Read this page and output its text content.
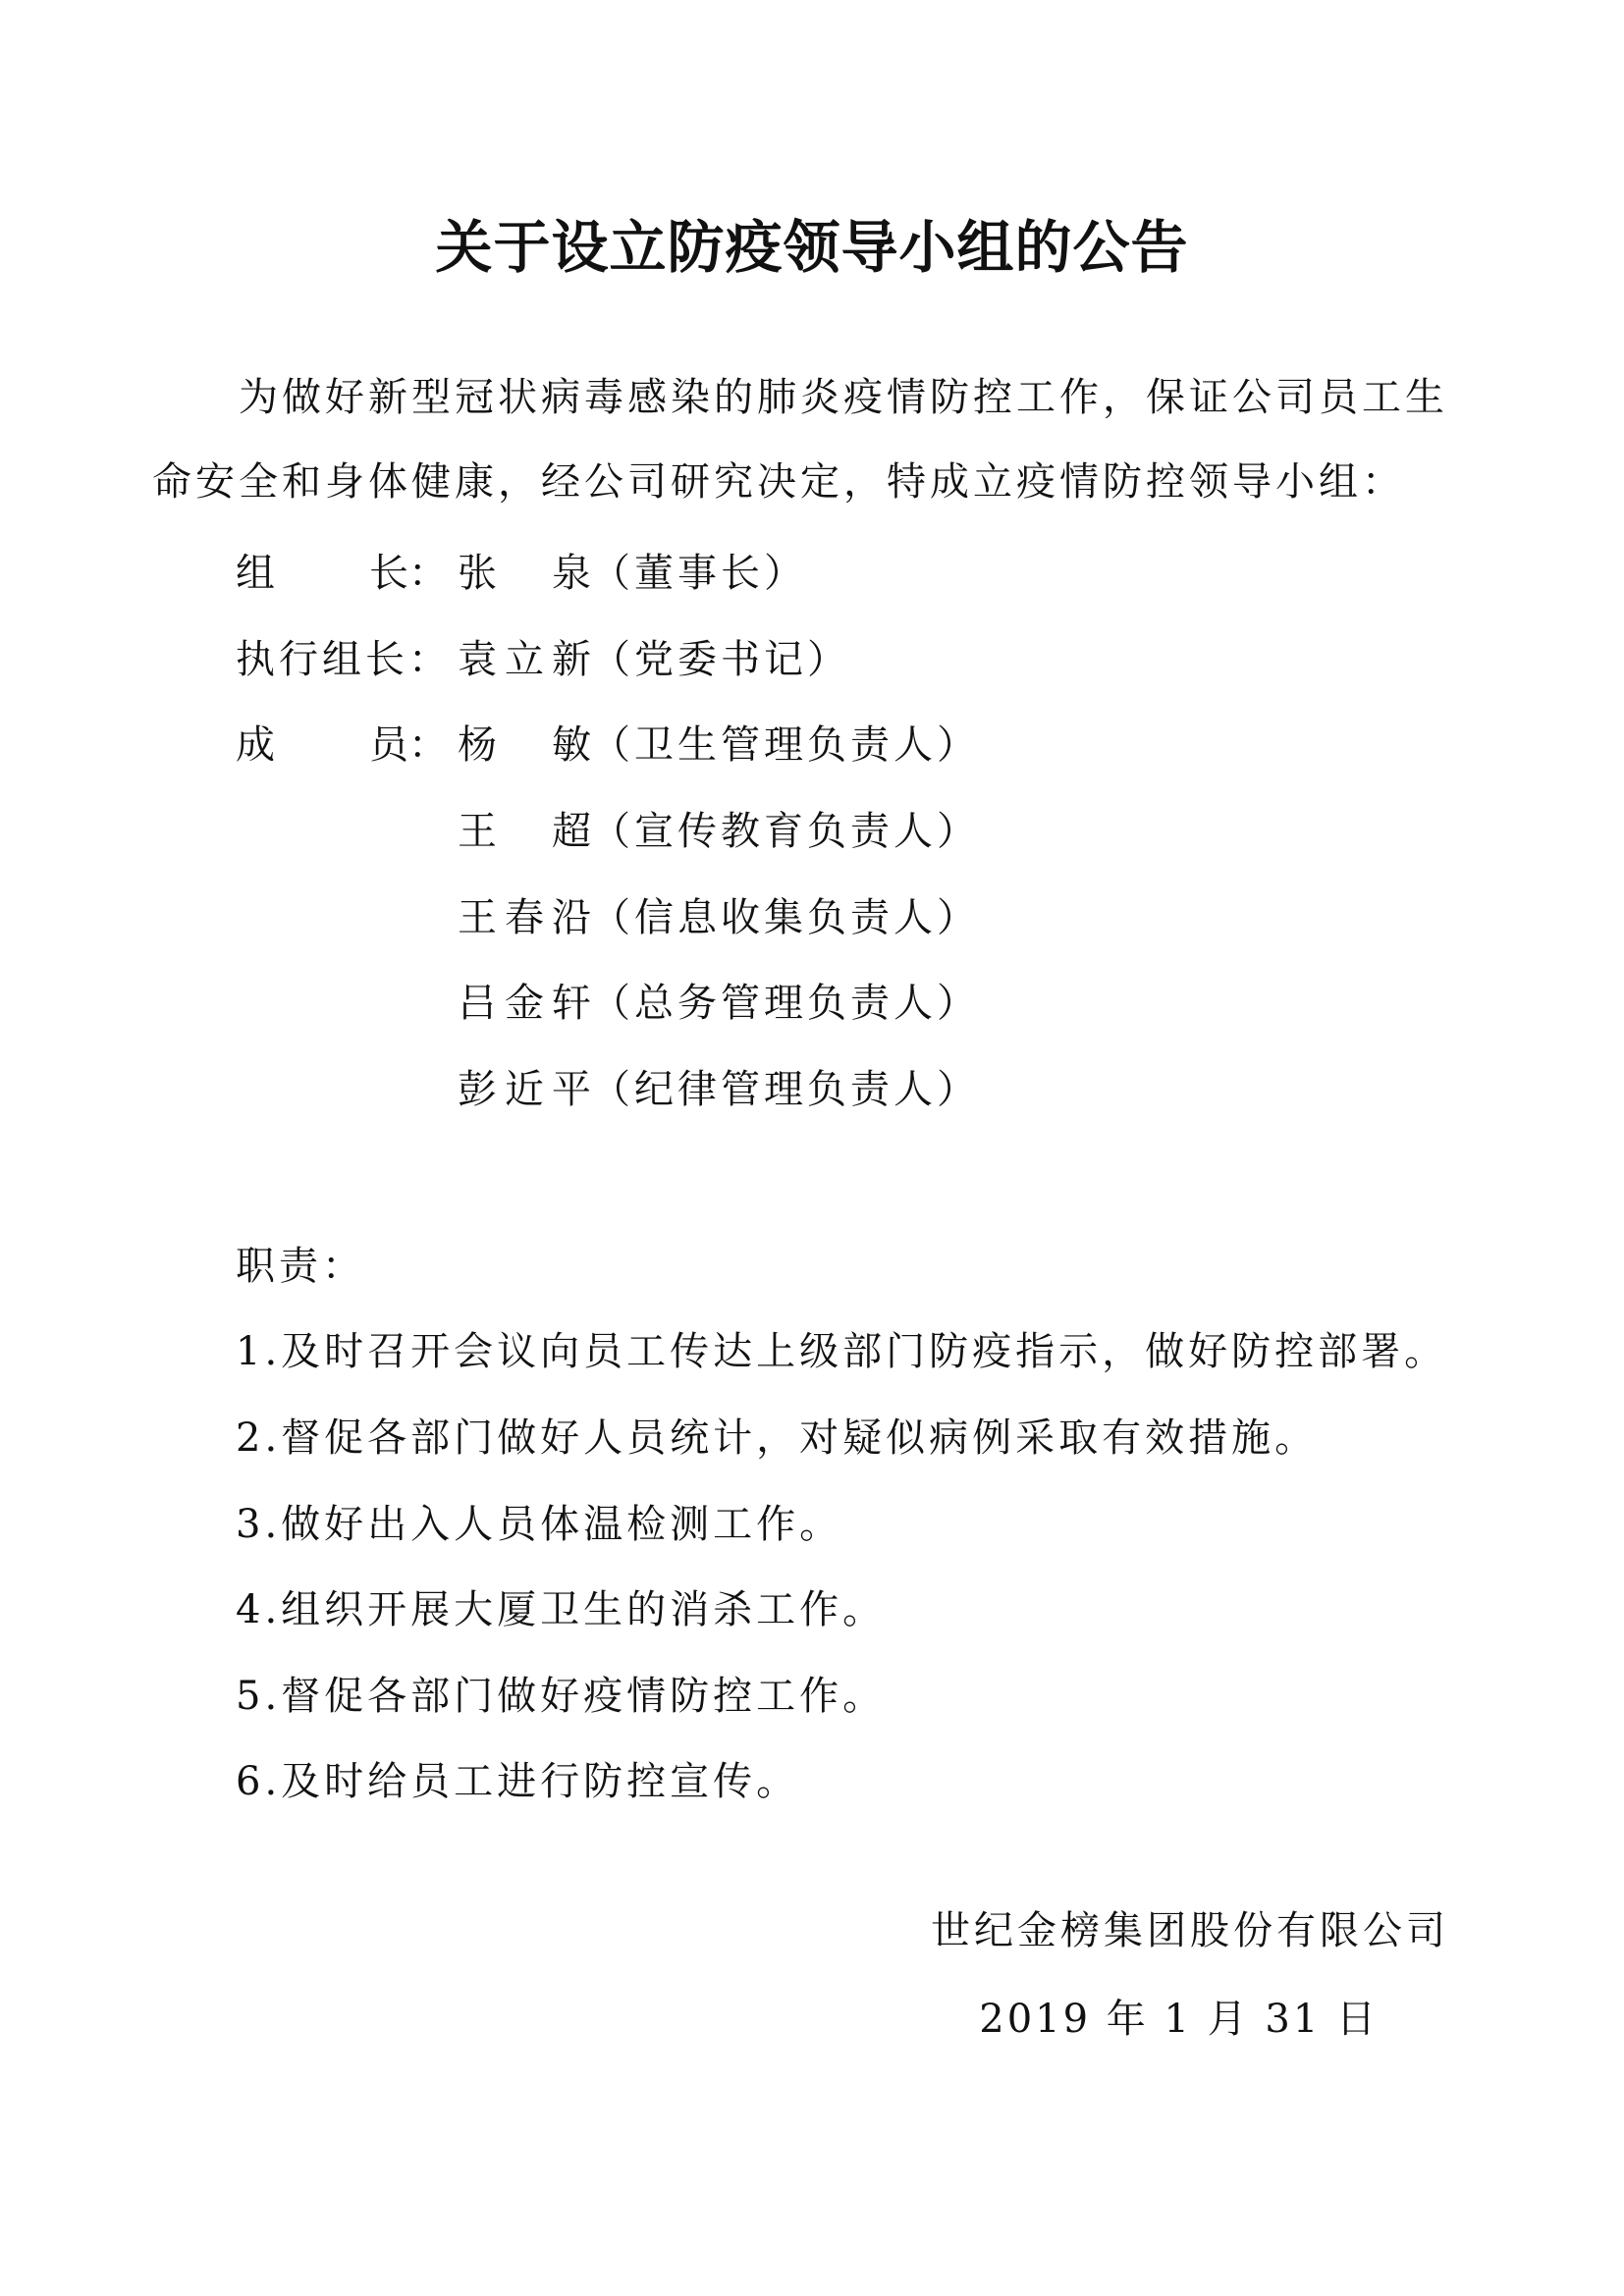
关于设立防疫领导小组的公告
为做好新型冠状病毒感染的肺炎疫情防控工作，保证公司员工生命安全和身体健康，经公司研究决定，特成立疫情防控领导小组：
组 长： 张　泉（董事长）
执行组长： 袁立新（党委书记）
成 员： 杨　敏（卫生管理负责人）
王　超（宣传教育负责人）
王春沿（信息收集负责人）
吕金轩（总务管理负责人）
彭近平（纪律管理负责人）
职责：
1.及时召开会议向员工传达上级部门防疫指示，做好防控部署。
2.督促各部门做好人员统计，对疑似病例采取有效措施。
3.做好出入人员体温检测工作。
4.组织开展大厦卫生的消杀工作。
5.督促各部门做好疫情防控工作。
6.及时给员工进行防控宣传。
世纪金榜集团股份有限公司
2019 年 1 月 31 日
